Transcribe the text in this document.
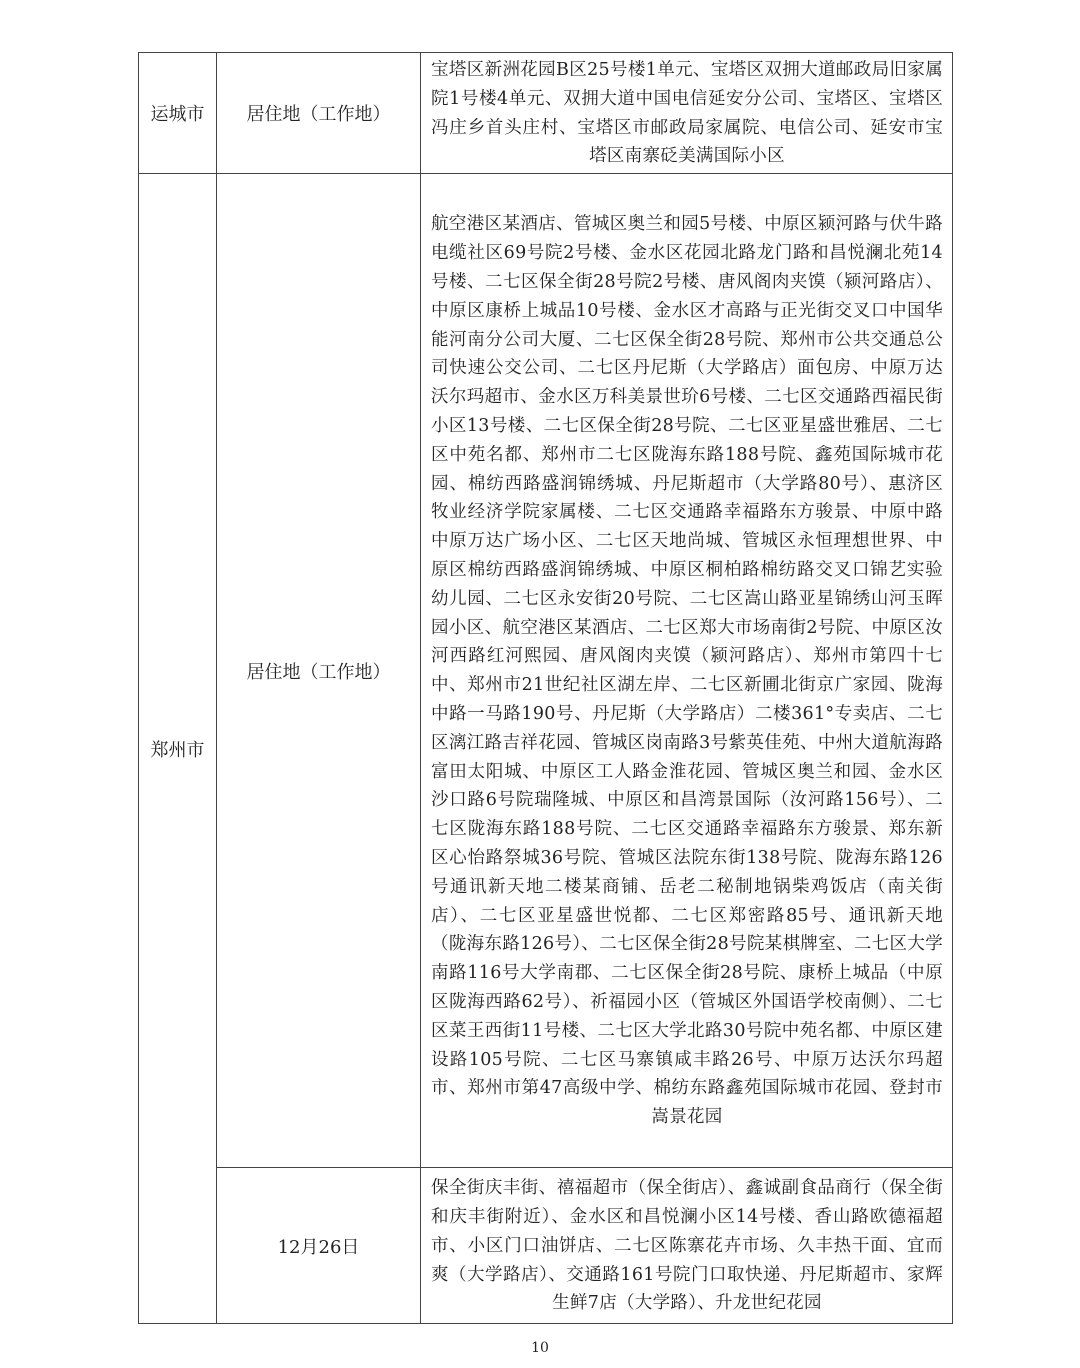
运城市	居住地（工作地）	宝塔区新洲花园B区25号楼1单元、宝塔区双拥大道邮政局旧家属院1号楼4单元、双拥大道中国电信延安分公司、宝塔区、宝塔区冯庄乡首头庄村、宝塔区市邮政局家属院、电信公司、延安市宝塔区南寨砭美满国际小区
郑州市	居住地（工作地）	航空港区某酒店、管城区奥兰和园5号楼、中原区颍河路与伏牛路电缆社区69号院2号楼、金水区花园北路龙门路和昌悦澜北苑14号楼、二七区保全街28号院2号楼、唐风阁肉夹馍（颍河路店）、中原区康桥上城品10号楼、金水区才高路与正光街交叉口中国华能河南分公司大厦、二七区保全街28号院、郑州市公共交通总公司快速公交公司、二七区丹尼斯（大学路店）面包房、中原万达沃尔玛超市、金水区万科美景世玠6号楼、二七区交通路西福民街小区13号楼、二七区保全街28号院、二七区亚星盛世雅居、二七区中苑名都、郑州市二七区陇海东路188号院、鑫苑国际城市花园、棉纺西路盛润锦绣城、丹尼斯超市（大学路80号）、惠济区牧业经济学院家属楼、二七区交通路幸福路东方骏景、中原中路中原万达广场小区、二七区天地尚城、管城区永恒理想世界、中原区棉纺西路盛润锦绣城、中原区桐柏路棉纺路交叉口锦艺实验幼儿园、二七区永安街20号院、二七区嵩山路亚星锦绣山河玉晖园小区、航空港区某酒店、二七区郑大市场南街2号院、中原区汝河西路红河熙园、唐风阁肉夹馍（颍河路店）、郑州市第四十七中、郑州市21世纪社区湖左岸、二七区新圃北街京广家园、陇海中路一马路190号、丹尼斯（大学路店）二楼361°专卖店、二七区漓江路吉祥花园、管城区岗南路3号紫英佳苑、中州大道航海路富田太阳城、中原区工人路金淮花园、管城区奥兰和园、金水区沙口路6号院瑞隆城、中原区和昌湾景国际（汝河路156号）、二七区陇海东路188号院、二七区交通路幸福路东方骏景、郑东新区心怡路祭城36号院、管城区法院东街138号院、陇海东路126号通讯新天地二楼某商铺、岳老二秘制地锅柴鸡饭店（南关街店）、二七区亚星盛世悦都、二七区郑密路85号、通讯新天地（陇海东路126号）、二七区保全街28号院某棋牌室、二七区大学南路116号大学南郡、二七区保全街28号院、康桥上城品（中原区陇海西路62号）、祈福园小区（管城区外国语学校南侧）、二七区菜王西街11号楼、二七区大学北路30号院中苑名都、中原区建设路105号院、二七区马寨镇咸丰路26号、中原万达沃尔玛超市、郑州市第47高级中学、棉纺东路鑫苑国际城市花园、登封市嵩景花园
	12月26日	保全街庆丰街、禧福超市（保全街店）、鑫诚副食品商行（保全街和庆丰街附近）、金水区和昌悦澜小区14号楼、香山路欧德福超市、小区门口油饼店、二七区陈寨花卉市场、久丰热干面、宜而爽（大学路店）、交通路161号院门口取快递、丹尼斯超市、家辉生鲜7店（大学路）、升龙世纪花园
10
